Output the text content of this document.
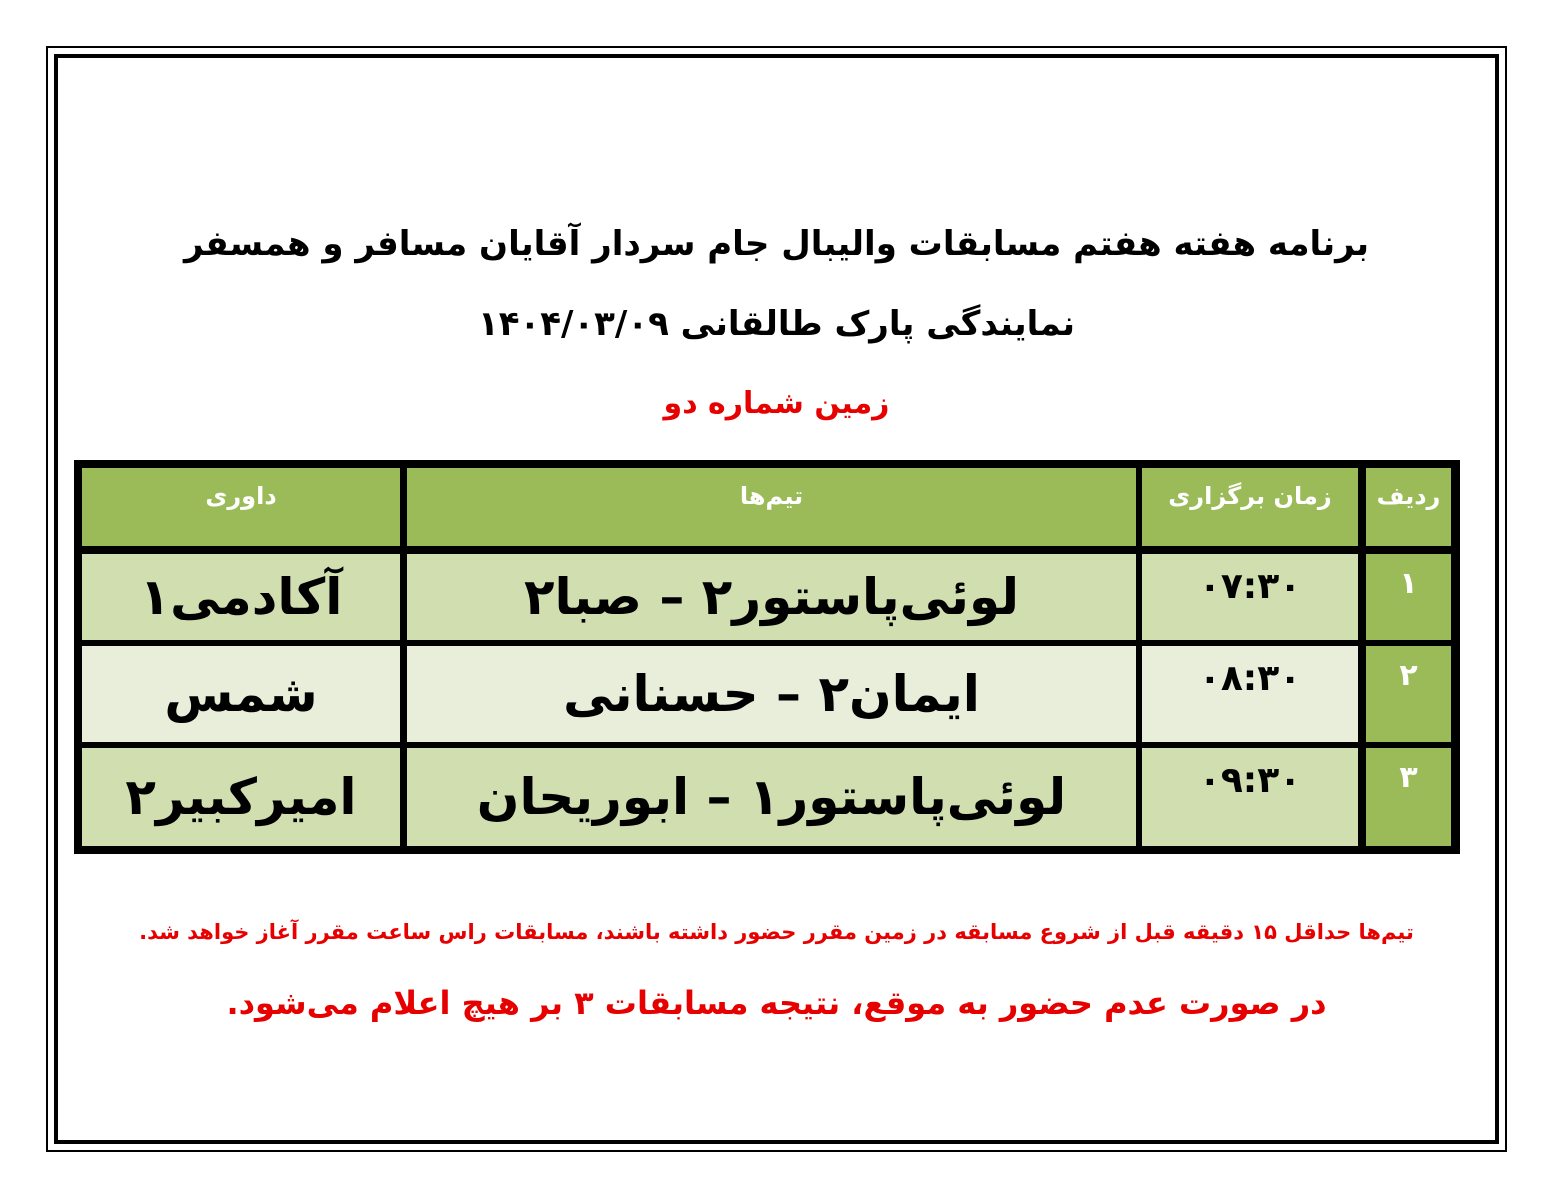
برنامه هفته هفتم مسابقات والیبال جام سردار آقایان مسافر و همسفر
نمایندگی پارک طالقانی ۱۴۰۴/۰۳/۰۹
زمین شماره دو
ردیف
زمان برگزاری
تیم‌ها
داوری
۱
۰۷:۳۰
لوئی‌پاستور۲ – صبا۲
آکادمی۱
۲
۰۸:۳۰
ایمان۲ – حسنانی
شمس
۳
۰۹:۳۰
لوئی‌پاستور۱ – ابوریحان
امیرکبیر۲
تیم‌ها حداقل ۱۵ دقیقه قبل از شروع مسابقه در زمین مقرر حضور داشته باشند، مسابقات راس ساعت مقرر آغاز خواهد شد.
در صورت عدم حضور به موقع، نتیجه مسابقات ۳ بر هیچ اعلام می‌شود.
